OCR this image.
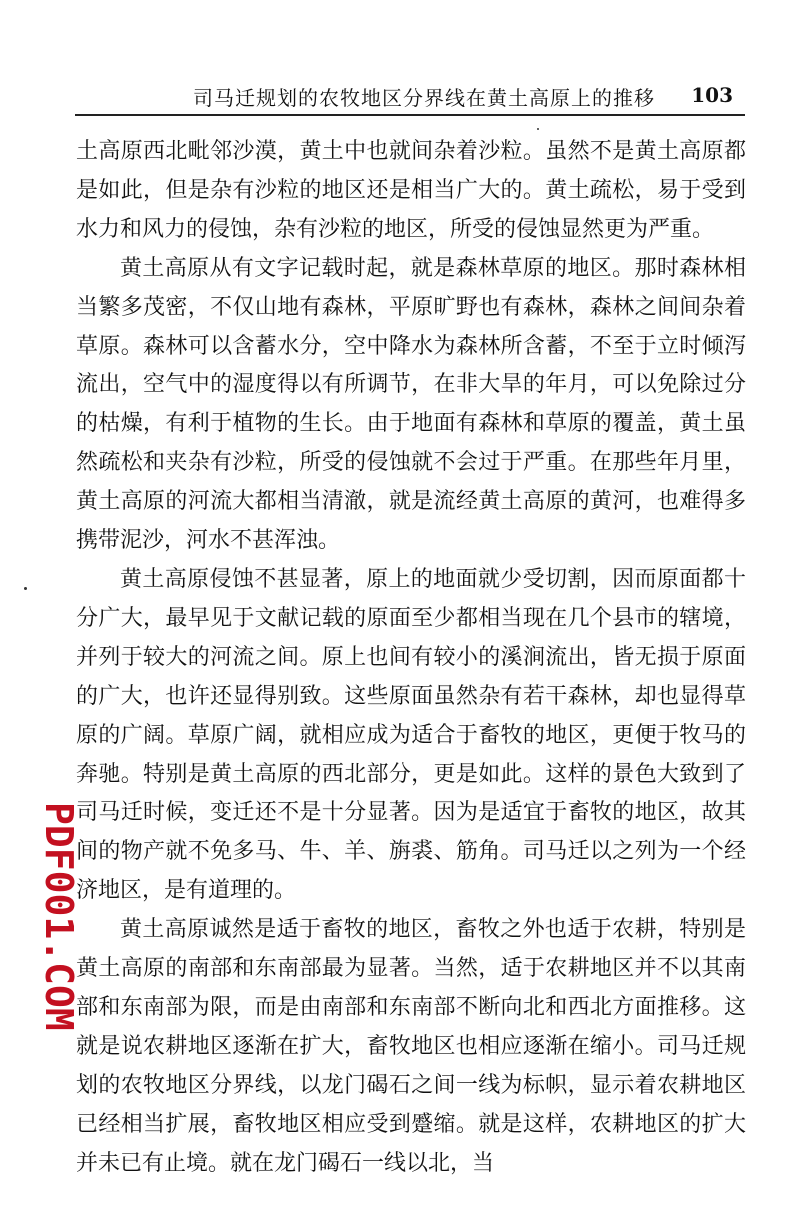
司马迁规划的农牧地区分界线在黄土高原上的推移 103

土高原西北毗邻沙漠，黄土中也就间杂着沙粒。虽然不是黄土高原都是如此，但是杂有沙粒的地区还是相当广大的。黄土疏松，易于受到水力和风力的侵蚀，杂有沙粒的地区，所受的侵蚀显然更为严重。

黄土高原从有文字记载时起，就是森林草原的地区。那时森林相当繁多茂密，不仅山地有森林，平原旷野也有森林，森林之间间杂着草原。森林可以含蓄水分，空中降水为森林所含蓄，不至于立时倾泻流出，空气中的湿度得以有所调节，在非大旱的年月，可以免除过分的枯燥，有利于植物的生长。由于地面有森林和草原的覆盖，黄土虽然疏松和夹杂有沙粒，所受的侵蚀就不会过于严重。在那些年月里，黄土高原的河流大都相当清澈，就是流经黄土高原的黄河，也难得多携带泥沙，河水不甚浑浊。

黄土高原侵蚀不甚显著，原上的地面就少受切割，因而原面都十分广大，最早见于文献记载的原面至少都相当现在几个县市的辖境，并列于较大的河流之间。原上也间有较小的溪涧流出，皆无损于原面的广大，也许还显得别致。这些原面虽然杂有若干森林，却也显得草原的广阔。草原广阔，就相应成为适合于畜牧的地区，更便于牧马的奔驰。特别是黄土高原的西北部分，更是如此。这样的景色大致到了司马迁时候，变迁还不是十分显著。因为是适宜于畜牧的地区，故其间的物产就不免多马、牛、羊、旃裘、筋角。司马迁以之列为一个经济地区，是有道理的。

黄土高原诚然是适于畜牧的地区，畜牧之外也适于农耕，特别是黄土高原的南部和东南部最为显著。当然，适于农耕地区并不以其南部和东南部为限，而是由南部和东南部不断向北和西北方面推移。这就是说农耕地区逐渐在扩大，畜牧地区也相应逐渐在缩小。司马迁规划的农牧地区分界线，以龙门碣石之间一线为标帜，显示着农耕地区已经相当扩展，畜牧地区相应受到蹙缩。就是这样，农耕地区的扩大并未已有止境。就在龙门碣石一线以北，当

PDF001.COM
